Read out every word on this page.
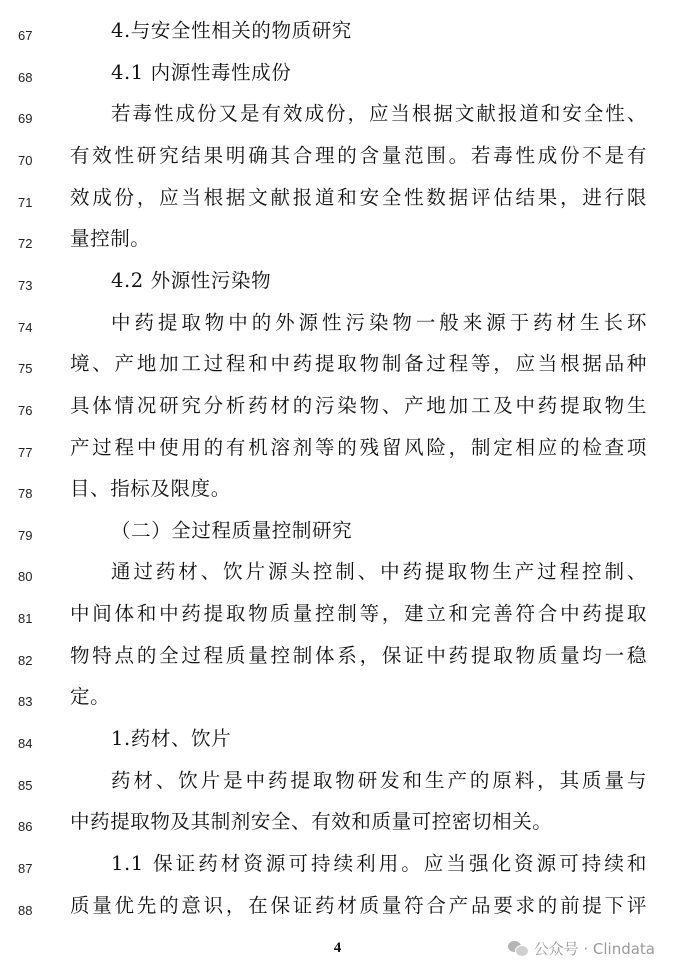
67	4.与安全性相关的物质研究
68	4.1 内源性毒性成份
69	若毒性成份又是有效成份，应当根据文献报道和安全性、
70	有效性研究结果明确其合理的含量范围。若毒性成份不是有
71	效成份，应当根据文献报道和安全性数据评估结果，进行限
72	量控制。
73	4.2 外源性污染物
74	中药提取物中的外源性污染物一般来源于药材生长环
75	境、产地加工过程和中药提取物制备过程等，应当根据品种
76	具体情况研究分析药材的污染物、产地加工及中药提取物生
77	产过程中使用的有机溶剂等的残留风险，制定相应的检查项
78	目、指标及限度。
79	（二）全过程质量控制研究
80	通过药材、饮片源头控制、中药提取物生产过程控制、
81	中间体和中药提取物质量控制等，建立和完善符合中药提取
82	物特点的全过程质量控制体系，保证中药提取物质量均一稳
83	定。
84	1.药材、饮片
85	药材、饮片是中药提取物研发和生产的原料，其质量与
86	中药提取物及其制剂安全、有效和质量可控密切相关。
87	1.1 保证药材资源可持续利用。应当强化资源可持续和
88	质量优先的意识，在保证药材质量符合产品要求的前提下评
4	公众号 · Clindata
